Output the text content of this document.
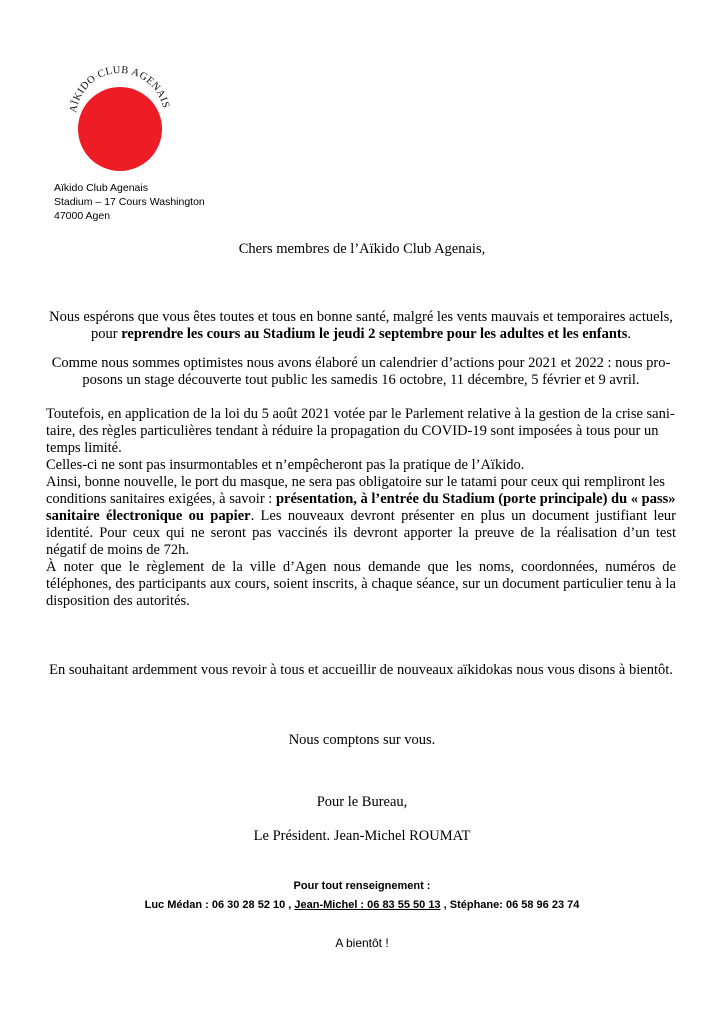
AÏKIDO CLUB AGENAIS
Aïkido Club Agenais
Stadium – 17 Cours Washington
47000 Agen
Chers membres de l’Aïkido Club Agenais,
Nous espérons que vous êtes toutes et tous en bonne santé, malgré les vents mauvais et temporaires actuels,
pour reprendre les cours au Stadium le jeudi 2 septembre pour les adultes et les enfants.
Comme nous sommes optimistes nous avons élaboré un calendrier d’actions pour 2021 et 2022 : nous pro-
posons un stage découverte tout public les samedis 16 octobre, 11 décembre, 5 février et 9 avril.
Toutefois, en application de la loi du 5 août 2021 votée par le Parlement relative à la gestion de la crise sani-
taire, des règles particulières tendant à réduire la propagation du COVID-19 sont imposées à tous pour un
temps limité.
Celles-ci ne sont pas insurmontables et n’empêcheront pas la pratique de l’Aïkido.
Ainsi, bonne nouvelle, le port du masque, ne sera pas obligatoire sur le tatami pour ceux qui rempliront les
conditions sanitaires exigées, à savoir : présentation, à l’entrée du Stadium (porte principale) du « pass»
sanitaire électronique ou papier. Les nouveaux devront présenter en plus un document justifiant leur identité. Pour ceux qui ne seront pas vaccinés ils devront apporter la preuve de la réalisation d’un test négatif de moins de 72h.
À noter que le règlement de la ville d’Agen nous demande que les noms, coordonnées, numéros de téléphones, des participants aux cours, soient inscrits, à chaque séance, sur un document particulier tenu à la disposition des autorités.
En souhaitant ardemment vous revoir à tous et accueillir de nouveaux aïkidokas nous vous disons à bientôt.
Nous comptons sur vous.
Pour le Bureau,
Le Président. Jean-Michel ROUMAT
Pour tout renseignement :
Luc Médan : 06 30 28 52 10 , Jean-Michel : 06 83 55 50 13 , Stéphane: 06 58 96 23 74
A bientôt !
